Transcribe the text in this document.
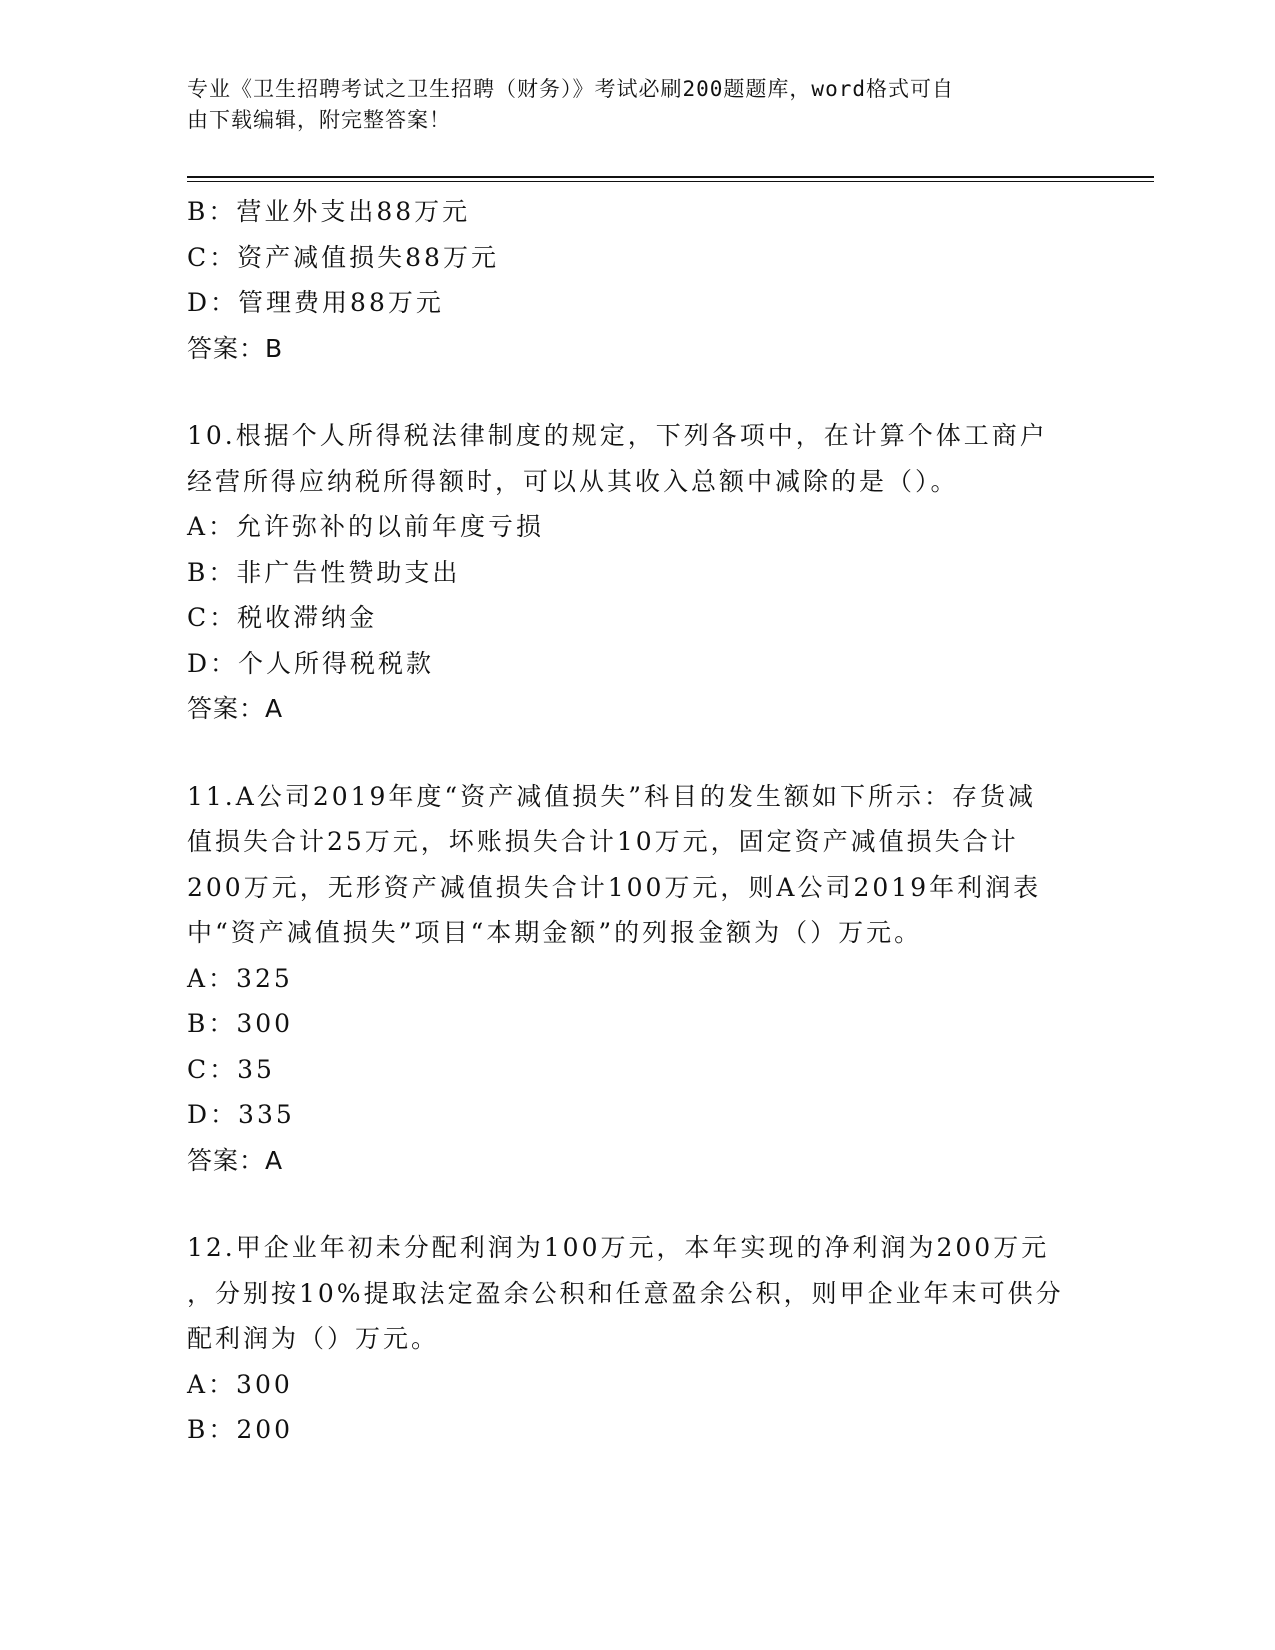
专业《卫生招聘考试之卫生招聘（财务）》考试必刷200题题库，word格式可自
由下载编辑，附完整答案！
B：营业外支出88万元
C：资产减值损失88万元
D：管理费用88万元
答案：B
10.根据个人所得税法律制度的规定，下列各项中，在计算个体工商户
经营所得应纳税所得额时，可以从其收入总额中减除的是（）。
A：允许弥补的以前年度亏损
B：非广告性赞助支出
C：税收滞纳金
D：个人所得税税款
答案：A
11.A公司2019年度“资产减值损失”科目的发生额如下所示：存货减
值损失合计25万元，坏账损失合计10万元，固定资产减值损失合计
200万元，无形资产减值损失合计100万元，则A公司2019年利润表
中“资产减值损失”项目“本期金额”的列报金额为（）万元。
A：325
B：300
C：35
D：335
答案：A
12.甲企业年初未分配利润为100万元，本年实现的净利润为200万元
，分别按10%提取法定盈余公积和任意盈余公积，则甲企业年末可供分
配利润为（）万元。
A：300
B：200
